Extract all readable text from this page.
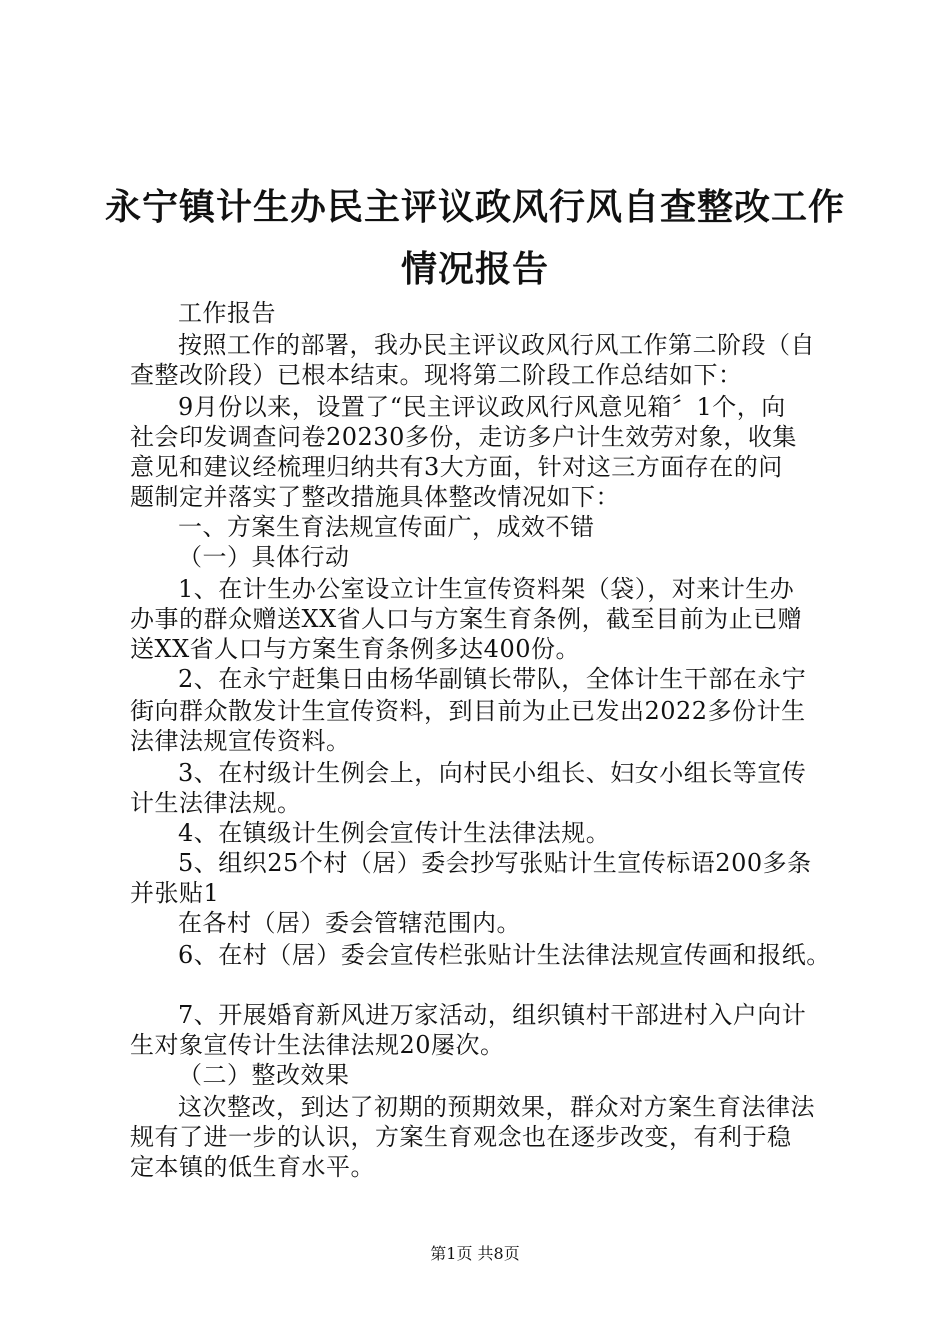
永宁镇计生办民主评议政风行风自查整改工作
情况报告
工作报告
按照工作的部署，我办民主评议政风行风工作第二阶段（自
查整改阶段）已根本结束。现将第二阶段工作总结如下：
9月份以来，设置了“民主评议政风行风意见箱〞1个，向
社会印发调查问卷20230多份，走访多户计生效劳对象，收集
意见和建议经梳理归纳共有3大方面，针对这三方面存在的问
题制定并落实了整改措施具体整改情况如下：
一、方案生育法规宣传面广，成效不错
（一）具体行动
1、在计生办公室设立计生宣传资料架（袋），对来计生办
办事的群众赠送XX省人口与方案生育条例，截至目前为止已赠
送XX省人口与方案生育条例多达400份。
2、在永宁赶集日由杨华副镇长带队，全体计生干部在永宁
街向群众散发计生宣传资料，到目前为止已发出2022多份计生
法律法规宣传资料。
3、在村级计生例会上，向村民小组长、妇女小组长等宣传
计生法律法规。
4、在镇级计生例会宣传计生法律法规。
5、组织25个村（居）委会抄写张贴计生宣传标语200多条
并张贴1
在各村（居）委会管辖范围内。
6、在村（居）委会宣传栏张贴计生法律法规宣传画和报纸。
7、开展婚育新风进万家活动，组织镇村干部进村入户向计
生对象宣传计生法律法规20屡次。
（二）整改效果
这次整改，到达了初期的预期效果，群众对方案生育法律法
规有了进一步的认识，方案生育观念也在逐步改变，有利于稳
定本镇的低生育水平。
第1页 共8页
